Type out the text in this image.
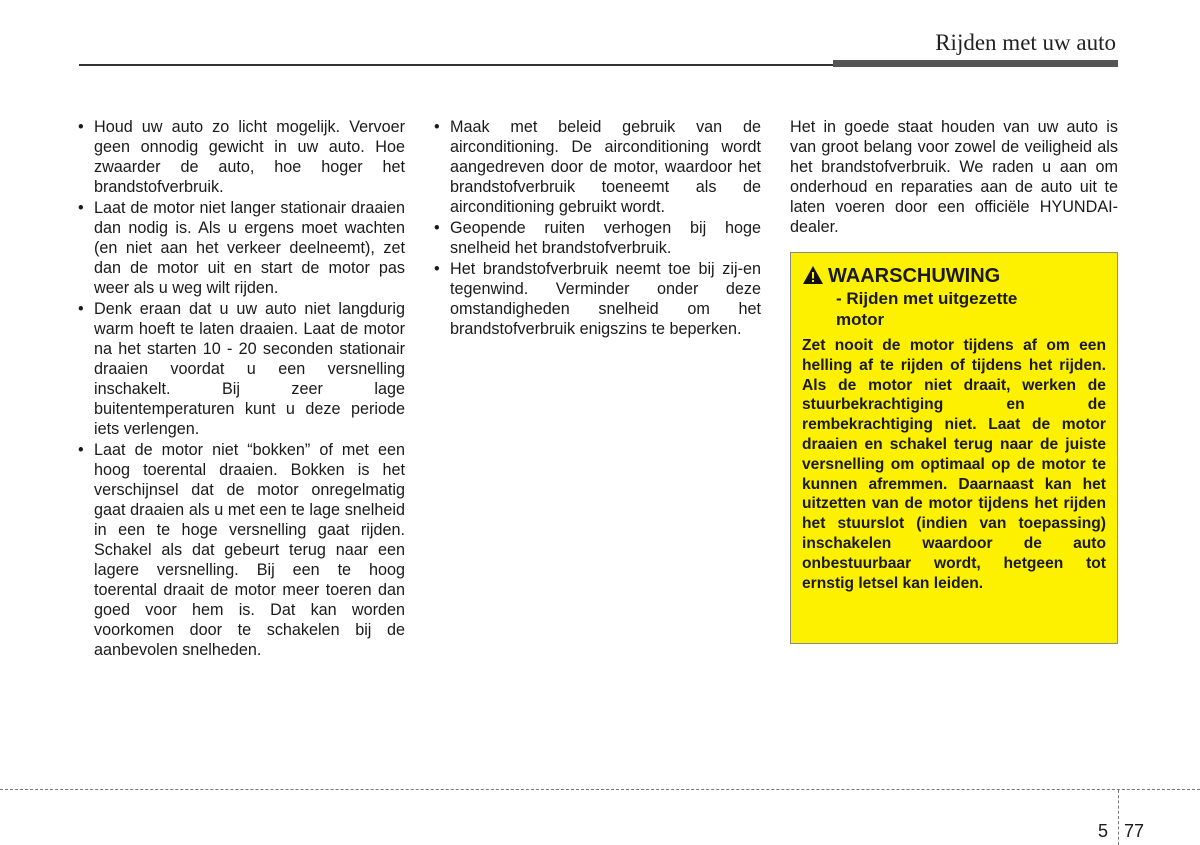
Rijden met uw auto
• Houd uw auto zo licht mogelijk. Vervoer geen onnodig gewicht in uw auto. Hoe zwaarder de auto, hoe hoger het brandstofverbruik.
• Laat de motor niet langer stationair draaien dan nodig is. Als u ergens moet wachten (en niet aan het verkeer deelneemt), zet dan de motor uit en start de motor pas weer als u weg wilt rijden.
• Denk eraan dat u uw auto niet langdurig warm hoeft te laten draaien. Laat de motor na het starten 10 - 20 seconden stationair draaien voordat u een versnelling inschakelt. Bij zeer lage buitentemperaturen kunt u deze periode iets verlengen.
• Laat de motor niet “bokken” of met een hoog toerental draaien. Bokken is het verschijnsel dat de motor onregelmatig gaat draaien als u met een te lage snelheid in een te hoge versnelling gaat rijden. Schakel als dat gebeurt terug naar een lagere versnelling. Bij een te hoog toerental draait de motor meer toeren dan goed voor hem is. Dat kan worden voorkomen door te schakelen bij de aanbevolen snelheden.
• Maak met beleid gebruik van de airconditioning. De airconditioning wordt aangedreven door de motor, waardoor het brandstofverbruik toeneemt als de airconditioning gebruikt wordt.
• Geopende ruiten verhogen bij hoge snelheid het brandstofverbruik.
• Het brandstofverbruik neemt toe bij zij-en tegenwind. Verminder onder deze omstandigheden snelheid om het brandstofverbruik enigszins te beperken.

Het in goede staat houden van uw auto is van groot belang voor zowel de veiligheid als het brandstofverbruik. We raden u aan om onderhoud en reparaties aan de auto uit te laten voeren door een officiële HYUNDAI-dealer.

WAARSCHUWING
- Rijden met uitgezette motor
Zet nooit de motor tijdens af om een helling af te rijden of tijdens het rijden. Als de motor niet draait, werken de stuurbekrachtiging en de rembekrachtiging niet. Laat de motor draaien en schakel terug naar de juiste versnelling om optimaal op de motor te kunnen afremmen. Daarnaast kan het uitzetten van de motor tijdens het rijden het stuurslot (indien van toepassing) inschakelen waardoor de auto onbestuurbaar wordt, hetgeen tot ernstig letsel kan leiden.
5 77
